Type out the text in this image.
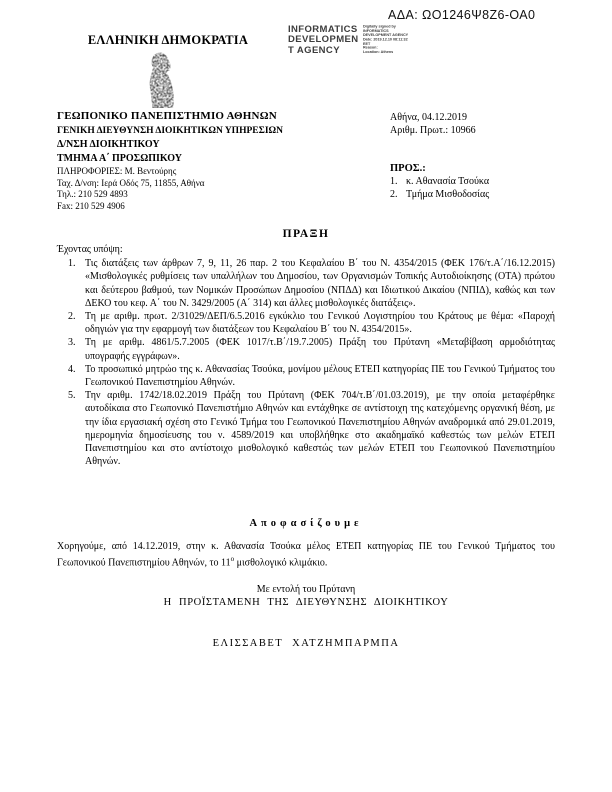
ΑΔΑ: ΩΟ1246Ψ8Ζ6-ΟΑ0
INFORMATICS
DEVELOPMEN
T AGENCY
Digitally signed by
INFORMATICS
DEVELOPMENT AGENCY
Date: 2019.12.10 08:11:32
EET
Reason:
Location: Athens
ΕΛΛΗΝΙΚΗ ΔΗΜΟΚΡΑΤΙΑ
ΓΕΩΠΟΝΙΚΟ ΠΑΝΕΠΙΣΤΗΜΙΟ ΑΘΗΝΩΝ
ΓΕΝΙΚΗ ΔΙΕΥΘΥΝΣΗ ΔΙΟΙΚΗΤΙΚΩΝ ΥΠΗΡΕΣΙΩΝ
Δ/ΝΣΗ ΔΙΟΙΚΗΤΙΚΟΥ
ΤΜΗΜΑ Α΄ ΠΡΟΣΩΠΙΚΟΥ
ΠΛΗΡΟΦΟΡΙΕΣ: Μ. Βεντούρης
Ταχ. Δ/νση: Ιερά Οδός 75, 11855, Αθήνα
Τηλ.: 210 529 4893
Fax: 210 529 4906
Αθήνα, 04.12.2019
Αριθμ. Πρωτ.: 10966
ΠΡΟΣ.:
1. κ. Αθανασία Τσούκα
2. Τμήμα Μισθοδοσίας
ΠΡΑΞΗ
Έχοντας υπόψη:
1. Τις διατάξεις των άρθρων 7, 9, 11, 26 παρ. 2 του Κεφαλαίου Β΄ του Ν. 4354/2015 (ΦΕΚ 176/τ.Α΄/16.12.2015) «Μισθολογικές ρυθμίσεις των υπαλλήλων του Δημοσίου, των Οργανισμών Τοπικής Αυτοδιοίκησης (ΟΤΑ) πρώτου και δεύτερου βαθμού, των Νομικών Προσώπων Δημοσίου (ΝΠΔΔ) και Ιδιωτικού Δικαίου (ΝΠΙΔ), καθώς και των ΔΕΚΟ του κεφ. Α΄ του Ν. 3429/2005 (Α΄ 314) και άλλες μισθολογικές διατάξεις».
2. Τη με αριθμ. πρωτ. 2/31029/ΔΕΠ/6.5.2016 εγκύκλιο του Γενικού Λογιστηρίου του Κράτους με θέμα: «Παροχή οδηγιών για την εφαρμογή των διατάξεων του Κεφαλαίου Β΄ του Ν. 4354/2015».
3. Τη με αριθμ. 4861/5.7.2005 (ΦΕΚ 1017/τ.Β΄/19.7.2005) Πράξη του Πρύτανη «Μεταβίβαση αρμοδιότητας υπογραφής εγγράφων».
4. Το προσωπικό μητρώο της κ. Αθανασίας Τσούκα, μονίμου μέλους ΕΤΕΠ κατηγορίας ΠΕ του Γενικού Τμήματος του Γεωπονικού Πανεπιστημίου Αθηνών.
5. Την αριθμ. 1742/18.02.2019 Πράξη του Πρύτανη (ΦΕΚ 704/τ.Β΄/01.03.2019), με την οποία μεταφέρθηκε αυτοδίκαια στο Γεωπονικό Πανεπιστήμιο Αθηνών και εντάχθηκε σε αντίστοιχη της κατεχόμενης οργανική θέση, με την ίδια εργασιακή σχέση στο Γενικό Τμήμα του Γεωπονικού Πανεπιστημίου Αθηνών αναδρομικά από 29.01.2019, ημερομηνία δημοσίευσης του ν. 4589/2019 και υποβλήθηκε στο ακαδημαϊκό καθεστώς των μελών ΕΤΕΠ Πανεπιστημίου και στο αντίστοιχο μισθολογικό καθεστώς των μελών ΕΤΕΠ του Γεωπονικού Πανεπιστημίου Αθηνών.
Αποφασίζουμε
Χορηγούμε, από 14.12.2019, στην κ. Αθανασία Τσούκα μέλος ΕΤΕΠ κατηγορίας ΠΕ του Γενικού Τμήματος του Γεωπονικού Πανεπιστημίου Αθηνών, το $11^o$ μισθολογικό κλιμάκιο.
Με εντολή του Πρύτανη
Η ΠΡΟΪΣΤΑΜΕΝΗ ΤΗΣ ΔΙΕΥΘΥΝΣΗΣ ΔΙΟΙΚΗΤΙΚΟΥ
ΕΛΙΣΣΑΒΕΤ ΧΑΤΖΗΜΠΑΡΜΠΑ
